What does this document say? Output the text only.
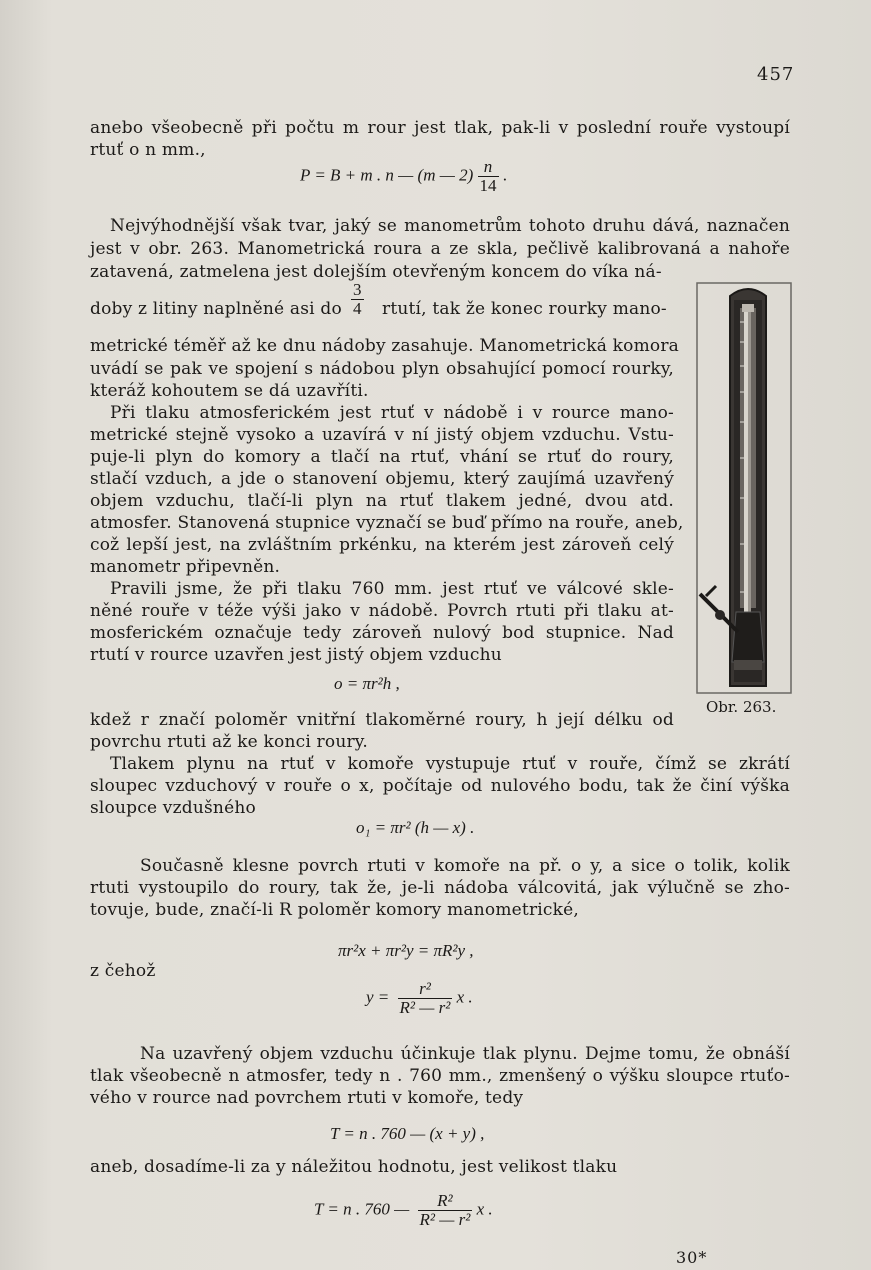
457
anebo všeobecně při počtu m rour jest tlak, pak-li v poslední rouře vystoupí
rtuť o n mm.,
P = B + m . n — (m — $2) \frac{n}{14}$ .
Nejvýhodnější však tvar, jaký se manometrům tohoto druhu dává, naznačen
jest v obr. 263. Manometrická roura a ze skla, pečlivě kalibrovaná a nahoře
zatavená, zatmelena jest dolejším otevřeným koncem do víka ná-
doby z litiny naplněné asi do $\frac{3}{4}$ rtutí, tak že konec rourky mano-
metrické téměř až ke dnu nádoby zasahuje. Manometrická komora
uvádí se pak ve spojení s nádobou plyn obsahující pomocí rourky,
kteráž kohoutem se dá uzavříti.
Při tlaku atmosferickém jest rtuť v nádobě i v rource mano-
metrické stejně vysoko a uzavírá v ní jistý objem vzduchu. Vstu-
puje-li plyn do komory a tlačí na rtuť, vhání se rtuť do roury,
stlačí vzduch, a jde o stanovení objemu, který zaujímá uzavřený
objem vzduchu, tlačí-li plyn na rtuť tlakem jedné, dvou atd.
atmosfer. Stanovená stupnice vyznačí se buď přímo na rouře, aneb,
což lepší jest, na zvláštním prkénku, na kterém jest zároveň celý
manometr připevněn.
Pravili jsme, že při tlaku 760 mm. jest rtuť ve válcové skle-
něné rouře v téže výši jako v nádobě. Povrch rtuti při tlaku at-
mosferickém označuje tedy zároveň nulový bod stupnice. Nad
rtutí v rource uzavřen jest jistý objem vzduchu
o = πr²h ,
kdež r značí poloměr vnitřní tlakoměrné roury, h její délku od
povrchu rtuti až ke konci roury.
Tlakem plynu na rtuť v komoře vystupuje rtuť v rouře, čímž se zkrátí
sloupec vzduchový v rouře o x, počítaje od nulového bodu, tak že činí výška
sloupce vzdušného
o₁ = πr² (h — x) .
Současně klesne povrch rtuti v komoře na př. o y, a sice o tolik, kolik
rtuti vystoupilo do roury, tak že, je-li nádoba válcovitá, jak výlučně se zho-
tovuje, bude, značí-li R poloměr komory manometrické,
πr²x + πr²y = πR²y ,
z čehož
$y = \frac{\text{r²}}{\text{R² — r²}}$ x .
Na uzavřený objem vzduchu účinkuje tlak plynu. Dejme tomu, že obnáší
tlak všeobecně n atmosfer, tedy n . 760 mm., zmenšený o výšku sloupce rtuťo-
vého v rource nad povrchem rtuti v komoře, tedy
T = n . 760 — (x + y) ,
aneb, dosadíme-li za y náležitou hodnotu, jest velikost tlaku
T = n . 760 — $\frac{\text{R²}}{\text{R² — r²}}$ x .
30*
Obr. 263.
